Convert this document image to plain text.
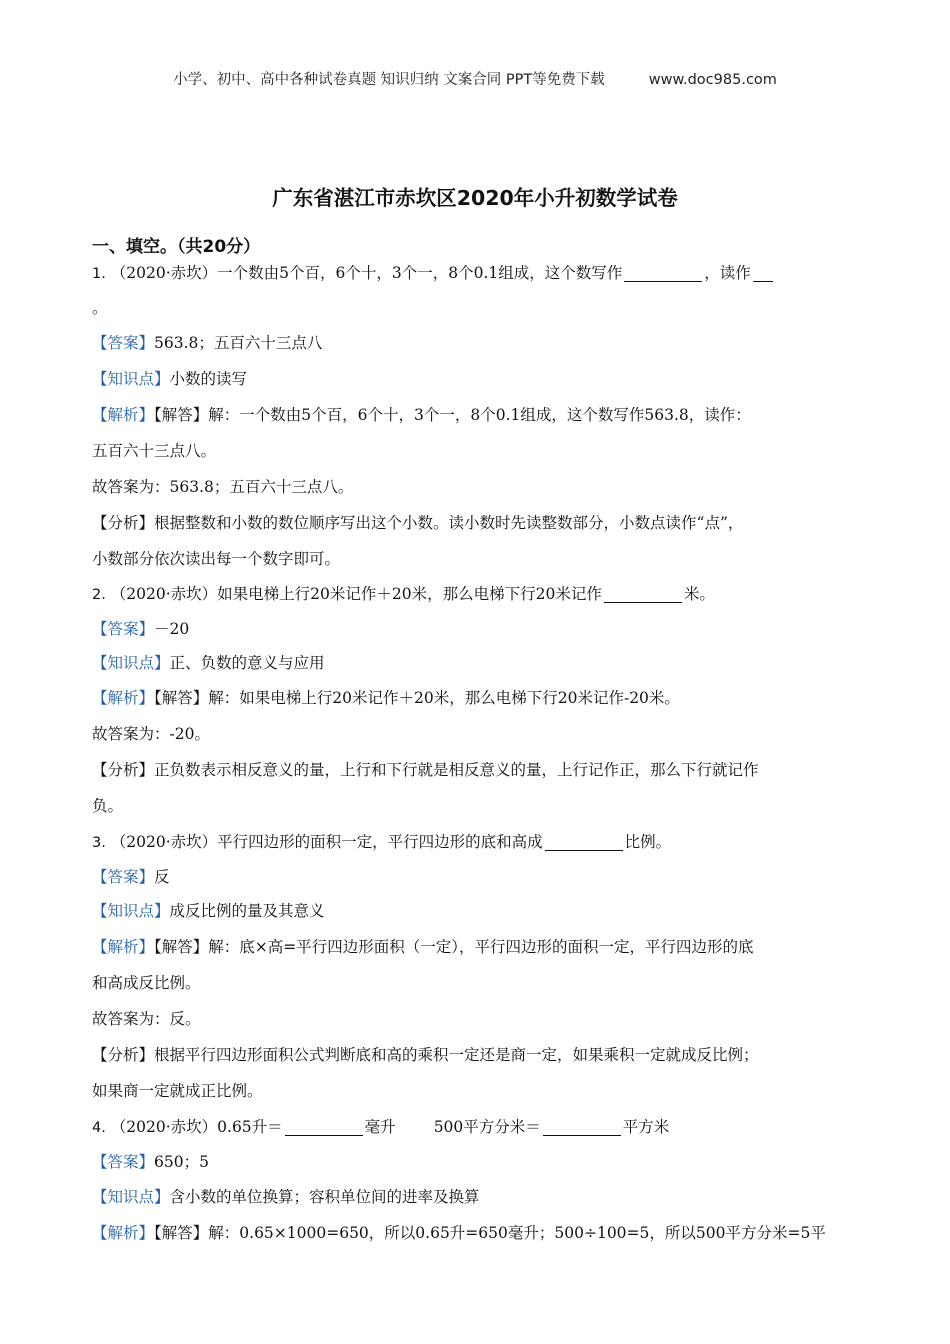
小学、初中、高中各种试卷真题 知识归纳 文案合同 PPT等免费下载	www.doc985.com
广东省湛江市赤坎区2020年小升初数学试卷
一、填空。（共20分）
1. （2020·赤坎）一个数由5个百，6个十，3个一，8个0.1组成，这个数写作	，读作
。
【答案】563.8；五百六十三点八
【知识点】小数的读写
【解析】【解答】解：一个数由5个百，6个十，3个一，8个0.1组成，这个数写作563.8，读作：
五百六十三点八。
故答案为：563.8；五百六十三点八。
【分析】根据整数和小数的数位顺序写出这个小数。读小数时先读整数部分，小数点读作“点”，
小数部分依次读出每一个数字即可。
2. （2020·赤坎）如果电梯上行20米记作＋20米，那么电梯下行20米记作	米。
【答案】－20
【知识点】正、负数的意义与应用
【解析】【解答】解：如果电梯上行20米记作＋20米，那么电梯下行20米记作-20米。
故答案为：-20。
【分析】正负数表示相反意义的量，上行和下行就是相反意义的量，上行记作正，那么下行就记作
负。
3. （2020·赤坎）平行四边形的面积一定，平行四边形的底和高成	比例。
【答案】反
【知识点】成反比例的量及其意义
【解析】【解答】解：底×高=平行四边形面积（一定），平行四边形的面积一定，平行四边形的底
和高成反比例。
故答案为：反。
【分析】根据平行四边形面积公式判断底和高的乘积一定还是商一定，如果乘积一定就成反比例；
如果商一定就成正比例。
4. （2020·赤坎）0.65升＝	毫升 500平方分米＝	平方米
【答案】650；5
【知识点】含小数的单位换算；容积单位间的进率及换算
【解析】【解答】解：0.65×1000=650，所以0.65升=650毫升；500÷100=5，所以500平方分米=5平
